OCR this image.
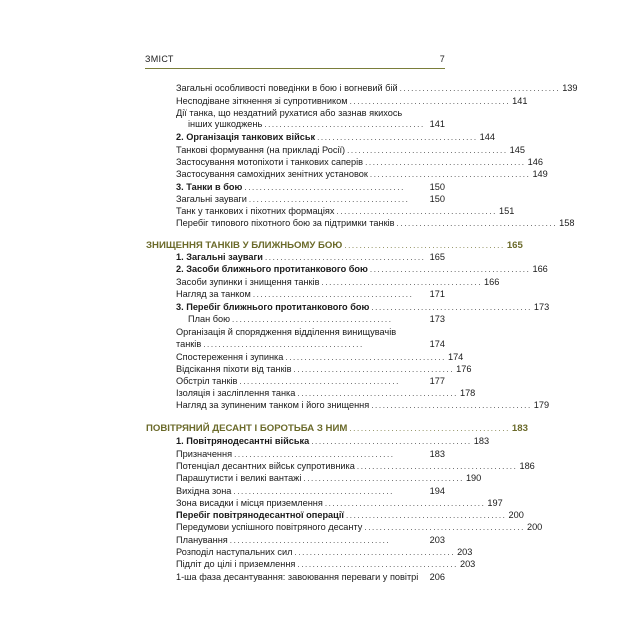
ЗМІСТ	7
Загальні особливості поведінки в бою і вогневий бій .......................................... 139
Несподіване зіткнення зі супротивником .......................................... 141
Дії танка, що нездатний рухатися або зазнав якихось
інших ушкоджень .......................................... 141
2. Організація танкових військ .......................................... 144
Танкові формування (на прикладі Росії) .......................................... 145
Застосування мотопіхоти і танкових саперів .......................................... 146
Застосування самохідних зенітних установок .......................................... 149
3. Танки в бою ..........................................	150
Загальні зауваги ..........................................	150
Танк у танкових і піхотних формаціях .......................................... 151
Перебіг типового піхотного бою за підтримки танків .......................................... 158
ЗНИЩЕННЯ ТАНКІВ У БЛИЖНЬОМУ БОЮ .......................................... 165
1. Загальні зауваги .......................................... 165
2. Засоби ближнього протитанкового бою .......................................... 166
Засоби зупинки і знищення танків .......................................... 166
Нагляд за танком ..........................................	171
3. Перебіг ближнього протитанкового бою .......................................... 173
План бою ..........................................	173
Організація й спорядження відділення винищувачів
танків ..........................................	174
Спостереження і зупинка .......................................... 174
Відсікання піхоти від танків .......................................... 176
Обстріл танків ..........................................	177
Ізоляція і засліплення танка .......................................... 178
Нагляд за зупиненим танком і його знищення .......................................... 179
ПОВІТРЯНИЙ ДЕСАНТ І БОРОТЬБА З НИМ .......................................... 183
1. Повітрянодесантні війська .......................................... 183
Призначення ..........................................	183
Потенціал десантних військ супротивника .......................................... 186
Парашутисти і великі вантажі .......................................... 190
Вихідна зона ..........................................	194
Зона висадки і місця приземлення .......................................... 197
Перебіг повітрянодесантної операції .......................................... 200
Передумови успішного повітряного десанту .......................................... 200
Планування ..........................................	203
Розподіл наступальних сил .......................................... 203
Підліт до цілі і приземлення .......................................... 203
1-ша фаза десантування: завоювання переваги у повітрі 206
